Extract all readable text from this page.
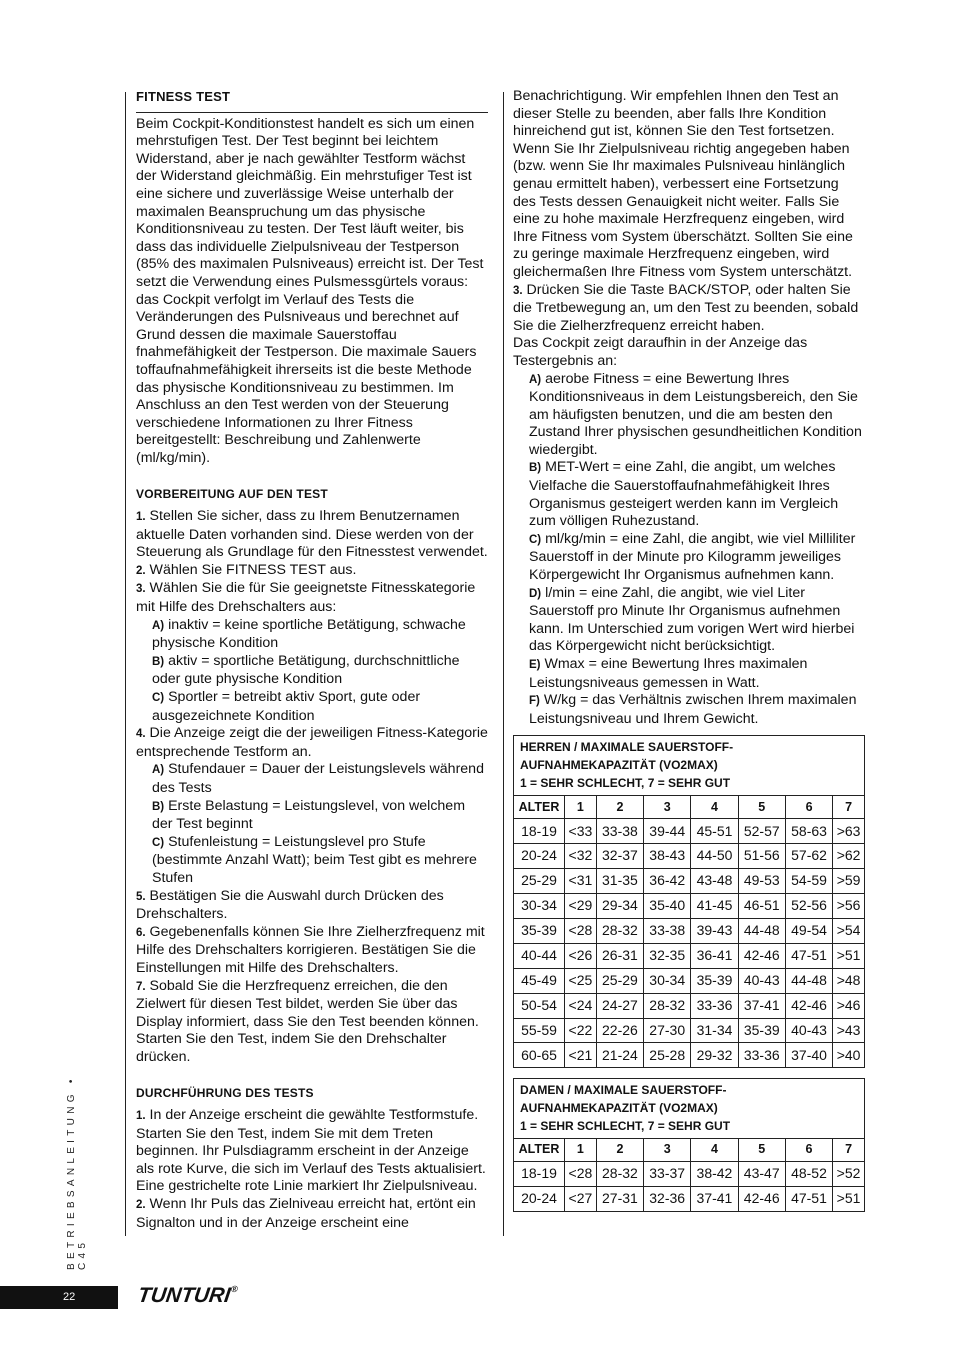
FITNESS TEST

Beim Cockpit-Konditionstest handelt es sich um einen mehrstufigen Test. Der Test beginnt bei leichtem Widerstand, aber je nach gewählter Testform wächst der Widerstand gleichmäßig. Ein mehrstufiger Test ist eine sichere und zuverlässige Weise unterhalb der maximalen Beanspruchung um das physische Konditionsniveau zu testen. Der Test läuft weiter, bis dass das individuelle Zielpulsniveau der Testperson (85% des maximalen Pulsniveaus) erreicht ist. Der Test setzt die Verwendung eines Pulsmessgürtels voraus: das Cockpit verfolgt im Verlauf des Tests die Veränderungen des Pulsniveaus und berechnet auf Grund dessen die maximale Sauerstoffau fnahmefähigkeit der Testperson. Die maximale Sauers toffaufnahmefähigkeit ihrerseits ist die beste Methode das physische Konditionsniveau zu bestimmen. Im Anschluss an den Test werden von der Steuerung verschiedene Informationen zu Ihrer Fitness bereitgestellt: Beschreibung und Zahlenwerte (ml/kg/min).

VORBEREITUNG AUF DEN TEST

1. Stellen Sie sicher, dass zu Ihrem Benutzernamen aktuelle Daten vorhanden sind. Diese werden von der Steuerung als Grundlage für den Fitnesstest verwendet.

2. Wählen Sie FITNESS TEST aus.

3. Wählen Sie die für Sie geeignetste Fitnesskategorie mit Hilfe des Drehschalters aus:

A) inaktiv = keine sportliche Betätigung, schwache physische Kondition

B) aktiv = sportliche Betätigung, durchschnittliche oder gute physische Kondition

C) Sportler = betreibt aktiv Sport, gute oder ausgezeichnete Kondition

4. Die Anzeige zeigt die der jeweiligen Fitness-Kategorie entsprechende Testform an.

A) Stufendauer = Dauer der Leistungslevels während des Tests

B) Erste Belastung = Leistungslevel, von welchem der Test beginnt

C) Stufenleistung = Leistungslevel pro Stufe (bestimmte Anzahl Watt); beim Test gibt es mehrere Stufen

5. Bestätigen Sie die Auswahl durch Drücken des Drehschalters.

6. Gegebenenfalls können Sie Ihre Zielherzfrequenz mit Hilfe des Drehschalters korrigieren. Bestätigen Sie die Einstellungen mit Hilfe des Drehschalters.

7. Sobald Sie die Herzfrequenz erreichen, die den Zielwert für diesen Test bildet, werden Sie über das Display informiert, dass Sie den Test beenden können. Starten Sie den Test, indem Sie den Drehschalter drücken.

DURCHFÜHRUNG DES TESTS

1. In der Anzeige erscheint die gewählte Testformstufe. Starten Sie den Test, indem Sie mit dem Treten beginnen. Ihr Pulsdiagramm erscheint in der Anzeige als rote Kurve, die sich im Verlauf des Tests aktualisiert. Eine gestrichelte rote Linie markiert Ihr Zielpulsniveau.

2. Wenn Ihr Puls das Zielniveau erreicht hat, ertönt ein Signalton und in der Anzeige erscheint eine

Benachrichtigung. Wir empfehlen Ihnen den Test an dieser Stelle zu beenden, aber falls Ihre Kondition hinreichend gut ist, können Sie den Test fortsetzen. Wenn Sie Ihr Zielpulsniveau richtig angegeben haben (bzw. wenn Sie Ihr maximales Pulsniveau hinlänglich genau ermittelt haben), verbessert eine Fortsetzung des Tests dessen Genauigkeit nicht weiter. Falls Sie eine zu hohe maximale Herzfrequenz eingeben, wird Ihre Fitness vom System überschätzt. Sollten Sie eine zu geringe maximale Herzfrequenz eingeben, wird gleichermaßen Ihre Fitness vom System unterschätzt.

3. Drücken Sie die Taste BACK/STOP, oder halten Sie die Tretbewegung an, um den Test zu beenden, sobald Sie die Zielherzfrequenz erreicht haben.

Das Cockpit zeigt daraufhin in der Anzeige das Testergebnis an:

A) aerobe Fitness = eine Bewertung Ihres Konditionsniveaus in dem Leistungsbereich, den Sie am häufigsten benutzen, und die am besten den Zustand Ihrer physischen gesundheitlichen Kondition wiedergibt.

B) MET-Wert = eine Zahl, die angibt, um welches Vielfache die Sauerstoffaufnahmefähigkeit Ihres Organismus gesteigert werden kann im Vergleich zum völligen Ruhezustand.

C) ml/kg/min = eine Zahl, die angibt, wie viel Milliliter Sauerstoff in der Minute pro Kilogramm jeweiliges

Körpergewicht Ihr Organismus aufnehmen kann.

D) l/min = eine Zahl, die angibt, wie viel Liter Sauerstoff pro Minute Ihr Organismus aufnehmen kann. Im Unterschied zum vorigen Wert wird hierbei das Körpergewicht nicht berücksichtigt.

E) Wmax = eine Bewertung Ihres maximalen Leistungsniveaus gemessen in Watt.

F) W/kg = das Verhältnis zwischen Ihrem maximalen Leistungsniveau und Ihrem Gewicht.

HERREN / MAXIMALE SAUERSTOFF-
AUFNAHMEKAPAZITÄT (VO2MAX)
1 = SEHR SCHLECHT, 7 = SEHR GUT							

ALTER	1	2	3	4	5	6	7
18-19	<33	33-38	39-44	45-51	52-57	58-63	>63
20-24	<32	32-37	38-43	44-50	51-56	57-62	>62
25-29	<31	31-35	36-42	43-48	49-53	54-59	>59
30-34	<29	29-34	35-40	41-45	46-51	52-56	>56
35-39	<28	28-32	33-38	39-43	44-48	49-54	>54
40-44	<26	26-31	32-35	36-41	42-46	47-51	>51
45-49	<25	25-29	30-34	35-39	40-43	44-48	>48
50-54	<24	24-27	28-32	33-36	37-41	42-46	>46
55-59	<22	22-26	27-30	31-34	35-39	40-43	>43
60-65	<21	21-24	25-28	29-32	33-36	37-40	>40
DAMEN / MAXIMALE SAUERSTOFF-
AUFNAHMEKAPAZITÄT (VO2MAX)
1 = SEHR SCHLECHT, 7 = SEHR GUT							

ALTER	1	2	3	4	5	6	7
18-19	<28	28-32	33-37	38-42	43-47	48-52	>52
20-24	<27	27-31	32-36	37-41	42-46	47-51	>51
BETRIEBSANLEITUNG • C45
22	TUNTURI®
